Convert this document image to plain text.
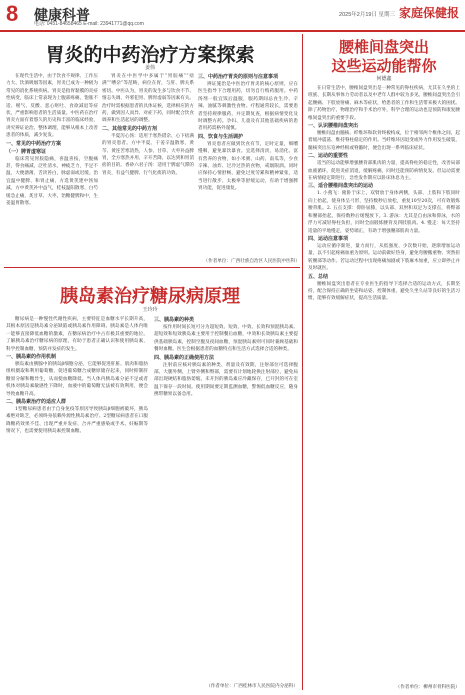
8 健康科普
电话: 0451-84658465 E-mail: 23941771@qq.com
2025年2月19日 星期三 家庭保健报
胃炎的中药治疗方案探索
姜伟

在现代生活中，由于饮食不规律、工作压力大、饮酒吸烟等因素，胃炎已成为一种极为常见的消化系统疾病。胃炎是指胃黏膜的炎症性病变，临床上常表现为上腹部疼痛、饱胀不适、嗳气、反酸、恶心呕吐、食欲减退等症状，严重影响患者的生活质量。中医药在治疗胃炎方面有着悠久的历史和丰富的临床经验，讲究辨证论治、整体调理，能够从根本上改善患者的体质，减少复发。

一、常见的中药治疗方案

（一）脾胃虚寒证

临床常见胃脘隐痛，喜温喜按，空腹痛甚，得食痛减，泛吐清水，神疲乏力，手足不温，大便溏薄，舌淡苔白，脉虚弱或迟缓。治宜温中健脾、和胃止痛，方选黄芪建中汤加减。方中黄芪补中益气，桂枝温阳散寒，白芍缓急止痛，炙甘草、大枣、饴糖健脾和中，生姜温胃散寒。

胃炎在中医学中多属于“胃脘痛”“痞满”“嘈杂”等范畴，病位在胃，与肝、脾关系密切。中医认为，胃炎的发生多与饮食不节、情志失调、外邪犯胃、脾胃虚弱等因素有关。治疗时需根据患者的具体证候，选择相应的方药，做到因人而异、对症下药，同时配合饮食调养和生活起居的调整。

二、其他常见的中药方剂

半夏泻心汤：适用于寒热错杂、心下痞满的胃炎患者。方中半夏、干姜辛温散寒，黄芩、黄连苦寒清热，人参、甘草、大枣补益脾胃，全方寒热并用、辛开苦降，以达到和胃消痞的目的。香砂六君子汤：适用于脾虚气滞的胃炎，有益气健脾、行气化痰的功效。

三、中药治疗胃炎的原则与注意事项

辨证施治是中医治疗胃炎的核心原则，应在医生指导下合理用药，切勿自行购药服用。中药汤剂一般宜饭后温服，服药期间忌食生冷、辛辣、油腻等刺激性食物。疗程通常较长，需要患者坚持规律服药，并定期复查，根据病情变化及时调整方药。孕妇、儿童及有其他基础疾病的患者用药需格外谨慎。

四、饮食与生活调护

胃炎患者应做到饮食有节，定时定量，细嚼慢咽，避免暴饮暴食。宜选择清淡、易消化、富有营养的食物，如小米粥、山药、南瓜等，少食辛辣、油炸、过冷过热的食物，戒烟限酒。同时应保持心情舒畅，避免过度劳累和精神紧张，适当进行散步、太极拳等舒缓运动，有助于增强脾胃功能，促进康复。

（作者单位：广西壮族自治区人民医院中医科）
胰岛素治疗糖尿病原理
王玲玲

糖尿病是一种慢性代谢性疾病，主要特征是血糖水平长期升高，其根本原因是胰岛素分泌缺陷或胰岛素作用障碍。胰岛素是人体内唯一能够直接降低血糖的激素，在糖尿病治疗中占有极其重要的地位。了解胰岛素治疗糖尿病的原理，有助于患者正确认识和使用胰岛素，科学控制血糖，预防并发症的发生。

一、胰岛素的作用机制

胰岛素由胰腺中的胰岛β细胞分泌，它能够促进肝脏、肌肉和脂肪组织摄取和利用葡萄糖，促进葡萄糖合成糖原储存起来，同时抑制肝糖原分解和糖异生，从而使血糖降低。当人体内胰岛素分泌不足或者机体对胰岛素敏感性下降时，血液中的葡萄糖无法被有效利用，便会导致血糖升高。

二、胰岛素治疗的适应人群

1型糖尿病患者由于自身免疫等原因导致胰岛β细胞被破坏，胰岛素绝对缺乏，必须终身依赖外源性胰岛素治疗。2型糖尿病患者在口服降糖药效果不佳、出现严重并发症、合并严重感染或手术、妊娠期等情况下，也需要使用胰岛素控制血糖。

三、胰岛素的种类

按作用时间长短可分为超短效、短效、中效、长效和预混胰岛素。超短效和短效胰岛素主要用于控制餐后血糖，中效和长效胰岛素主要提供基础胰岛素，控制空腹及夜间血糖，预混胰岛素则可同时兼顾基础和餐时血糖。医生会根据患者的血糖特点和生活方式选择合适的种类。

四、胰岛素的正确使用方法

注射前应核对胰岛素的种类、剂量及有效期，注射部位可选择腹部、大腿外侧、上臂外侧和臀部，需要有计划地轮换注射部位，避免局部出现硬结和脂肪萎缩。未开封的胰岛素应冷藏保存，已开封的可在室温下保存一段时间。使用期间要定期监测血糖，警惕低血糖反应，随身携带糖果以备急用。

（作者单位：广西桂林市人民医院内分泌科）
腰椎间盘突出
这些运动能帮你
何德鑫

在日常生活中，腰椎间盘突出是一种常见的脊柱疾病，尤其在久坐的上班族、长期从事体力劳动者以及中老年人群中较为多见。腰椎间盘突出会引起腰痛、下肢放射痛、麻木等症状，给患者的工作和生活带来极大的困扰。除了药物治疗、物理治疗和手术治疗外，科学合理的运动也是预防和康复腰椎间盘突出的重要手段。

一、认识腰椎间盘突出

腰椎间盘由髓核、纤维环和软骨终板构成，位于相邻两个椎体之间，起着缓冲震荡、维持脊柱稳定的作用。当纤维环因退变或外力作用发生破裂，髓核突出压迫神经根或脊髓时，便会出现一系列临床症状。

二、运动的重要性

适当的运动能够增强腰背部肌肉的力量，提高脊柱的稳定性，改善局部血液循环，促进炎症消退，缓解疼痛，同时还能预防病情复发。但运动需要在病情稳定期进行，急性发作期应以卧床休息为主。

三、适合腰椎间盘突出的运动

1. 小燕飞：俯卧于床上，双臂放于身体两侧，头部、上肢和下肢同时向上抬起，使身体呈弓形，坚持数秒后放松，重复10至20次，可有效锻炼腰背肌。2. 五点支撑：仰卧屈膝，以头部、双肘和双足为支撑点，将臀部和腰部抬起，保持数秒后缓慢放下。3. 游泳：尤其是自由泳和仰泳，水的浮力可减轻脊柱负担，同时全面锻炼腰背及四肢肌肉。4. 慢走：每天坚持适量的平地慢走，姿势端正，有助于增强腰部肌肉力量。

四、运动注意事项

运动应循序渐进，量力而行，从低强度、少次数开始，逐渐增加运动量，以不引起疼痛加重为原则。运动前做好热身，避免弯腰搬重物、突然扭转腰部等动作。若运动过程中出现疼痛加剧或下肢麻木加重，应立即停止并及时就医。

五、总结

腰椎间盘突出患者在专业医生的指导下选择合适的运动方式，长期坚持，配合保持正确的坐姿和站姿、控制体重、避免久坐久站等良好的生活习惯，能够有效缓解症状，提高生活质量。

（作者单位：柳州市骨科医院）
